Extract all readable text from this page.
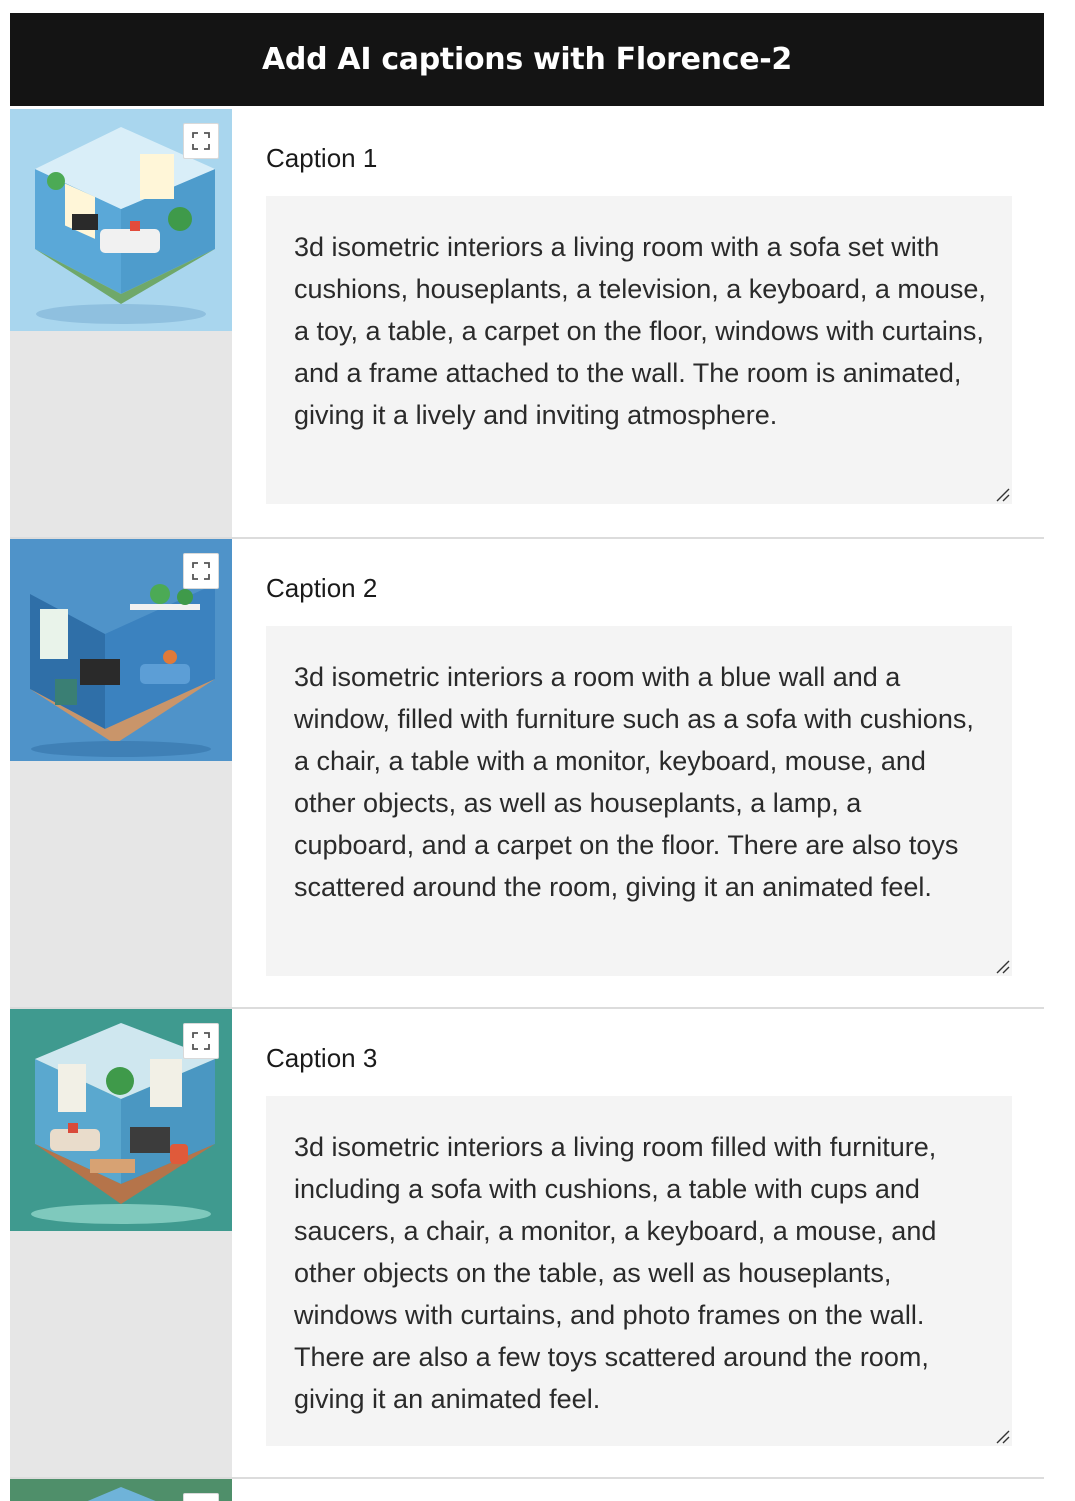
Add AI captions with Florence-2
Caption 1
3d isometric interiors a living room with a sofa set with cushions, houseplants, a television, a keyboard, a mouse, a toy, a table, a carpet on the floor, windows with curtains, and a frame attached to the wall. The room is animated, giving it a lively and inviting atmosphere.
Caption 2
3d isometric interiors a room with a blue wall and a window, filled with furniture such as a sofa with cushions, a chair, a table with a monitor, keyboard, mouse, and other objects, as well as houseplants, a lamp, a cupboard, and a carpet on the floor. There are also toys scattered around the room, giving it an animated feel.
Caption 3
3d isometric interiors a living room filled with furniture, including a sofa with cushions, a table with cups and saucers, a chair, a monitor, a keyboard, a mouse, and other objects on the table, as well as houseplants, windows with curtains, and photo frames on the wall. There are also a few toys scattered around the room, giving it an animated feel.
